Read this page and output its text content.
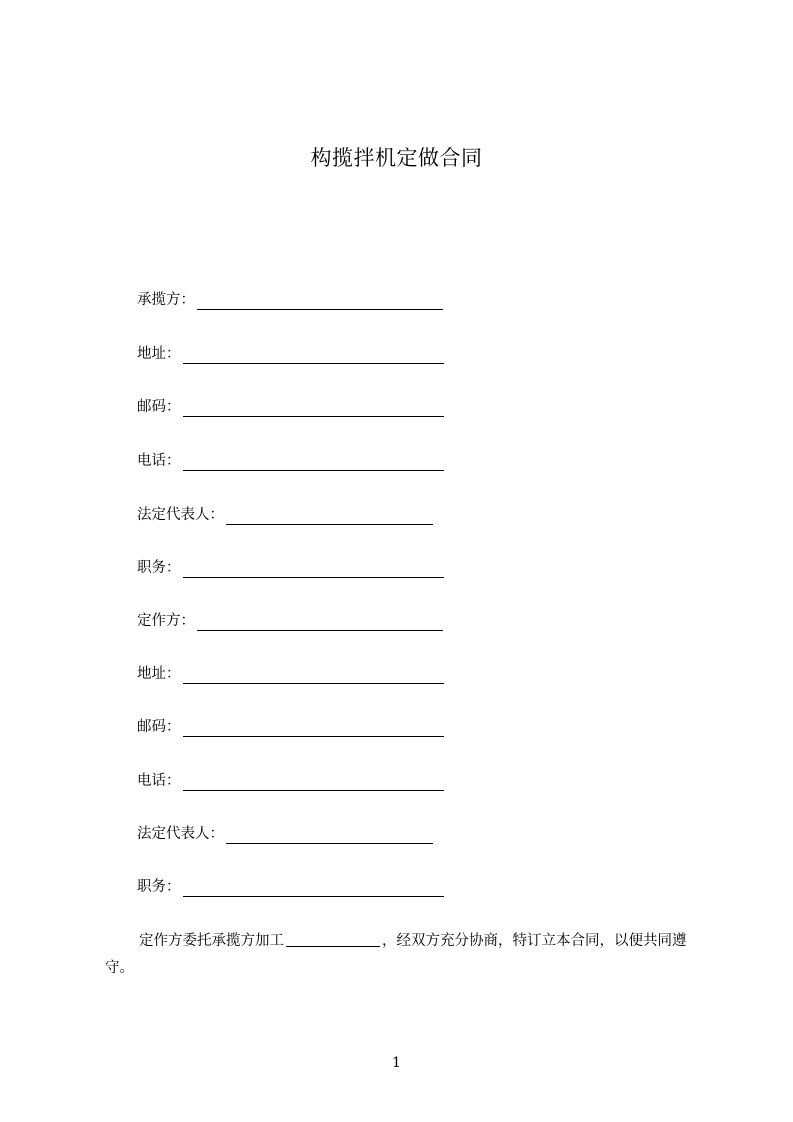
构揽拌机定做合同
承揽方：
地址：
邮码：
电话：
法定代表人：
职务：
定作方：
地址：
邮码：
电话：
法定代表人：
职务：
定作方委托承揽方加工	，经双方充分协商，特订立本合同，以便共同遵守。
1
